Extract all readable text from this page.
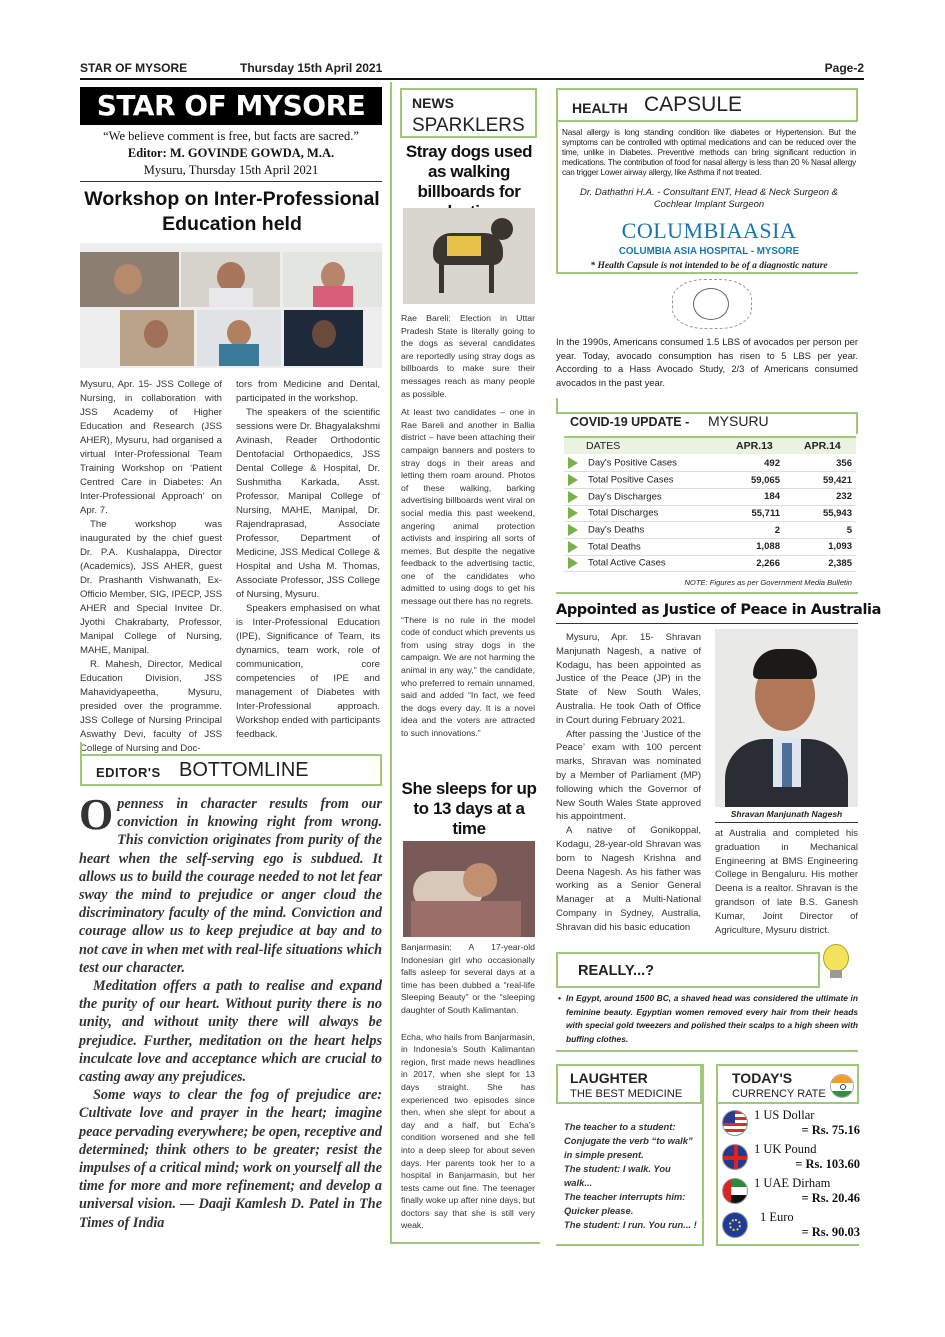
STAR OF MYSORE	Thursday 15th April 2021	Page-2
STAR OF MYSORE
“We believe comment is free, but facts are sacred.”
Editor: M. GOVINDE GOWDA, M.A.
Mysuru, Thursday 15th April 2021
Workshop on Inter-Professional Education held

Mysuru, Apr. 15- JSS College of Nursing, in collaboration with JSS Academy of Higher Education and Research (JSS AHER), Mysuru, had organised a virtual Inter-Professional Team Training Workshop on ‘Patient Centred Care in Diabetes: An Inter-Professional Approach’ on Apr. 7.

The workshop was inaugurated by the chief guest Dr. P.A. Kushalappa, Director (Academics), JSS AHER, guest Dr. Prashanth Vishwanath, Ex-Officio Member, SIG, IPECP, JSS AHER and Special Invitee Dr. Jyothi Chakrabarty, Professor, Manipal College of Nursing, MAHE, Manipal.

R. Mahesh, Director, Medical Education Division, JSS Mahavidyapeetha, Mysuru, presided over the programme. JSS College of Nursing Principal Aswathy Devi, faculty of JSS College of Nursing and Doc-

tors from Medicine and Dental, participated in the workshop.

The speakers of the scientific sessions were Dr. Bhagyalakshmi Avinash, Reader Orthodontic Dentofacial Orthopaedics, JSS Dental College & Hospital, Dr. Sushmitha Karkada, Asst. Professor, Manipal College of Nursing, MAHE, Manipal, Dr. Rajendraprasad, Associate Professor, Department of Medicine, JSS Medical College & Hospital and Usha M. Thomas, Associate Professor, JSS College of Nursing, Mysuru.

Speakers emphasised on what is Inter-Professional Education (IPE), Significance of Team, its dynamics, team work, role of communication, core competencies of IPE and management of Diabetes with Inter-Professional approach. Workshop ended with participants feedback.

EDITOR'S BOTTOMLINE

Openness in character results from our conviction in knowing right from wrong. This conviction originates from purity of the heart when the self-serving ego is subdued. It allows us to build the courage needed to not let fear sway the mind to prejudice or anger cloud the discriminatory faculty of the mind. Conviction and courage allow us to keep prejudice at bay and to not cave in when met with real-life situations which test our character.

Meditation offers a path to realise and expand the purity of our heart. Without purity there is no unity, and without unity there will always be prejudice. Further, meditation on the heart helps inculcate love and acceptance which are crucial to casting away any prejudices.

Some ways to clear the fog of prejudice are: Cultivate love and prayer in the heart; imagine peace pervading everywhere; be open, receptive and determined; think others to be greater; resist the impulses of a critical mind; work on yourself all the time for more and more refinement; and develop a universal vision. — Daaji Kamlesh D. Patel in The Times of India

NEWS
SPARKLERS
Stray dogs used as walking billboards for

Rae Bareli: Election in Uttar Pradesh State is literally going to the dogs as several candidates are reportedly using stray dogs as billboards to make sure their messages reach as many people as possible.

At least two candidates – one in Rae Bareli and another in Ballia district – have been attaching their campaign banners and posters to stray dogs in their areas and letting them roam around. Photos of these walking, barking advertising billboards went viral on social media this past weekend, angering animal protection activists and inspiring all sorts of memes. But despite the negative feedback to the advertising tactic, one of the candidates who admitted to using dogs to get his message out there has no regrets.

“There is no rule in the model code of conduct which prevents us from using stray dogs in the campaign. We are not harming the animal in any way,” the candidate, who preferred to remain unnamed, said and added “In fact, we feed the dogs every day. It is a novel idea and the voters are attracted to such innovations.”

She sleeps for up to 13 days at a time

Banjarmasin: A 17-year-old Indonesian girl who occasionally falls asleep for several days at a time has been dubbed a “real-life Sleeping Beauty” or the “sleeping daughter of South Kalimantan.

Echa, who hails from Banjarmasin, in Indonesia’s South Kalimantan region, first made news headlines in 2017, when she slept for 13 days straight. She has experienced two episodes since then, when she slept for about a day and a half, but Echa’s condition worsened and she fell into a deep sleep for about seven days. Her parents took her to a hospital in Banjarmasin, but her tests came out fine. The teenager finally woke up after nine days, but doctors say that she is still very weak.

HEALTH CAPSULE
Nasal allergy is long standing condition like diabetes or Hypertension. But the symptoms can be controlled with optimal medications and can be reduced over the time, unlike in Diabetes. Preventive methods can bring significant reduction in medications. The contribution of food for nasal allergy is less than 20 % Nasal allergy can trigger Lower airway allergy, like Asthma if not treated.
Dr. Dathathri H.A. - Consultant ENT, Head & Neck Surgeon & Cochlear Implant Surgeon
COLUMBIAASIA
COLUMBIA ASIA HOSPITAL - MYSORE
* Health Capsule is not intended to be of a diagnostic nature
In the 1990s, Americans consumed 1.5 LBS of avocados per person per year. Today, avocado consumption has risen to 5 LBS per year. According to a Hass Avocado Study, 2/3 of Americans consumed avocados in the past year.
COVID-19 UPDATE - MYSURU
DATES	APR.13	APR.14
Day's Positive Cases	492	356
Total Positive Cases	59,065	59,421
Day's Discharges	184	232
Total Discharges	55,711	55,943
Day's Deaths	2	5
Total Deaths	1,088	1,093
Total Active Cases	2,266	2,385
NOTE: Figures as per Government Media Bulletin
Appointed as Justice of Peace in Australia

Mysuru, Apr. 15- Shravan Manjunath Nagesh, a native of Kodagu, has been appointed as Justice of the Peace (JP) in the State of New South Wales, Australia. He took Oath of Office in Court during February 2021.

After passing the ‘Justice of the Peace’ exam with 100 percent marks, Shravan was nominated by a Member of Parliament (MP) following which the Governor of New South Wales State approved his appointment.

A native of Gonikoppal, Kodagu, 28-year-old Shravan was born to Nagesh Krishna and Deena Nagesh. As his father was working as a Senior General Manager at a Multi-National Company in Sydney, Australia, Shravan did his basic education

Shravan Manjunath Nagesh
at Australia and completed his graduation in Mechanical Engineering at BMS Engineering College in Bengaluru. His mother Deena is a realtor. Shravan is the grandson of late B.S. Ganesh Kumar, Joint Director of Agriculture, Mysuru district.
REALLY...?
• In Egypt, around 1500 BC, a shaved head was considered the ultimate in feminine beauty. Egyptian women removed every hair from their heads with special gold tweezers and polished their scalps to a high sheen with buffing clothes.
LAUGHTER
THE BEST MEDICINE

The teacher to a student: Conjugate the verb “to walk” in simple present.

The student: I walk. You walk...

The teacher interrupts him: Quicker please.

The student: I run. You run... !

TODAY'S
CURRENCY RATE
1 US Dollar
= Rs. 75.16
1 UK Pound
= Rs. 103.60
1 UAE Dirham
= Rs. 20.46
1 Euro
= Rs. 90.03
